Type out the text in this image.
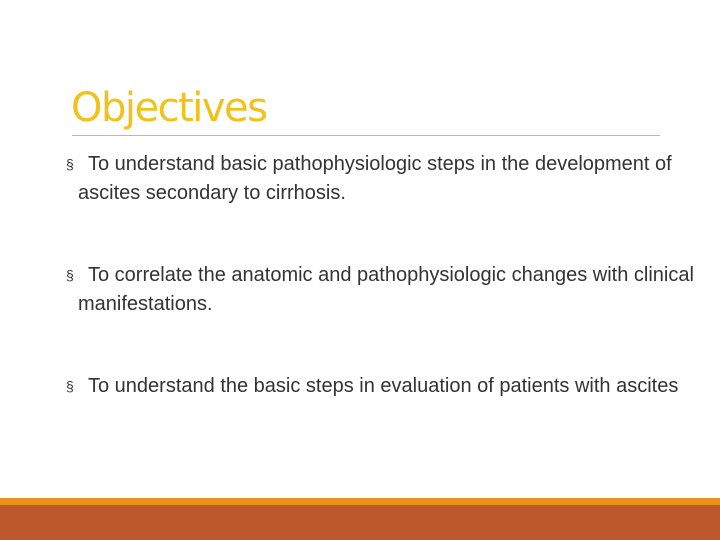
Objectives
§ To understand basic pathophysiologic steps in the development of ascites secondary to cirrhosis.
§ To correlate the anatomic and pathophysiologic changes with clinical manifestations.
§ To understand the basic steps in evaluation of patients with ascites
